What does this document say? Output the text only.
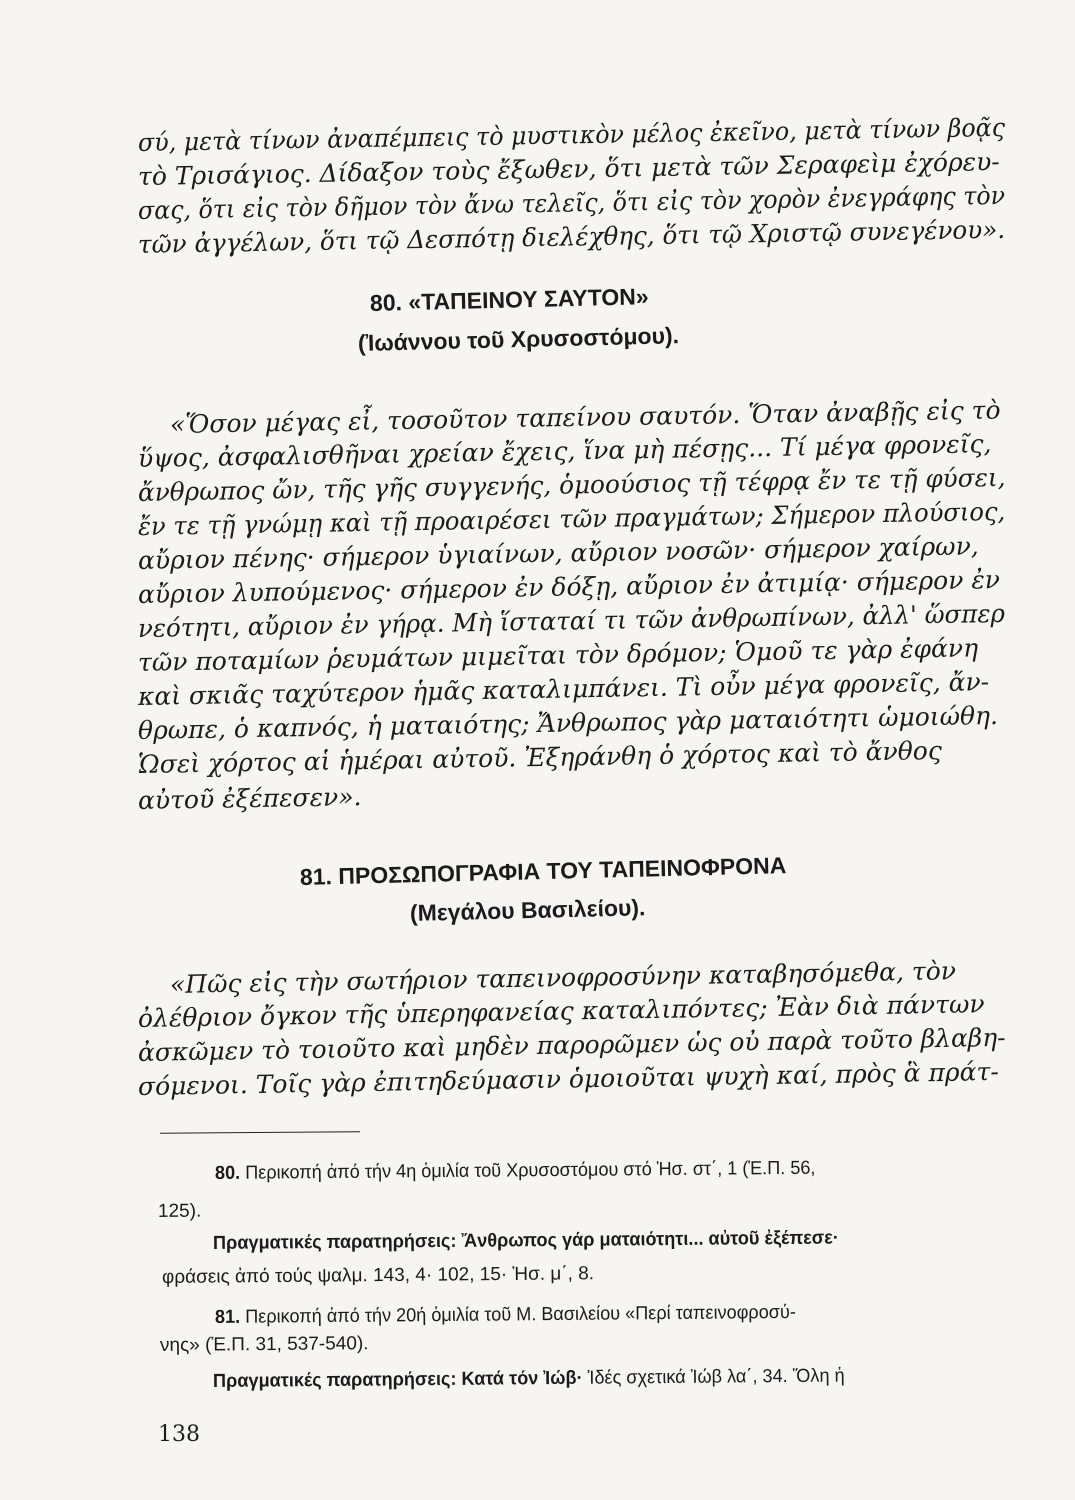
σύ, μετὰ τίνων ἀναπέμπεις τὸ μυστικὸν μέλος ἐκεῖνο, μετὰ τίνων βοᾷς
τὸ Τρισάγιος. Δίδαξον τοὺς ἔξωθεν, ὅτι μετὰ τῶν Σεραφεὶμ ἐχόρευ-
σας, ὅτι εἰς τὸν δῆμον τὸν ἄνω τελεῖς, ὅτι εἰς τὸν χορὸν ἐνεγράφης τὸν
τῶν ἀγγέλων, ὅτι τῷ Δεσπότῃ διελέχθης, ὅτι τῷ Χριστῷ συνεγένου».
80. «ΤΑΠΕΙΝΟΥ ΣΑΥΤΟΝ»
(Ἰωάννου τοῦ Χρυσοστόμου).
«Ὅσον μέγας εἶ, τοσοῦτον ταπείνου σαυτόν. Ὅταν ἀναβῇς εἰς τὸ
ὕψος, ἀσφαλισθῆναι χρείαν ἔχεις, ἵνα μὴ πέσῃς... Τί μέγα φρονεῖς,
ἄνθρωπος ὤν, τῆς γῆς συγγενής, ὁμοούσιος τῇ τέφρᾳ ἔν τε τῇ φύσει,
ἔν τε τῇ γνώμῃ καὶ τῇ προαιρέσει τῶν πραγμάτων; Σήμερον πλούσιος,
αὔριον πένης· σήμερον ὑγιαίνων, αὔριον νοσῶν· σήμερον χαίρων,
αὔριον λυπούμενος· σήμερον ἐν δόξῃ, αὔριον ἐν ἀτιμίᾳ· σήμερον ἐν
νεότητι, αὔριον ἐν γήρᾳ. Μὴ ἵσταταί τι τῶν ἀνθρωπίνων, ἀλλ' ὥσπερ
τῶν ποταμίων ῥευμάτων μιμεῖται τὸν δρόμον; Ὁμοῦ τε γὰρ ἐφάνη
καὶ σκιᾶς ταχύτερον ἡμᾶς καταλιμπάνει. Τὶ οὖν μέγα φρονεῖς, ἄν-
θρωπε, ὁ καπνός, ἡ ματαιότης; Ἄνθρωπος γὰρ ματαιότητι ὡμοιώθη.
Ὡσεὶ χόρτος αἱ ἡμέραι αὐτοῦ. Ἐξηράνθη ὁ χόρτος καὶ τὸ ἄνθος
αὐτοῦ ἐξέπεσεν».
81. ΠΡΟΣΩΠΟΓΡΑΦΙΑ ΤΟΥ ΤΑΠΕΙΝΟΦΡΟΝΑ
(Μεγάλου Βασιλείου).
«Πῶς εἰς τὴν σωτήριον ταπεινοφροσύνην καταβησόμεθα, τὸν
ὀλέθριον ὄγκον τῆς ὑπερηφανείας καταλιπόντες; Ἐὰν διὰ πάντων
ἀσκῶμεν τὸ τοιοῦτο καὶ μηδὲν παρορῶμεν ὡς οὐ παρὰ τοῦτο βλαβη-
σόμενοι. Τοῖς γὰρ ἐπιτηδεύμασιν ὁμοιοῦται ψυχὴ καί, πρὸς ἃ πράτ-
80. Περικοπή ἀπό τήν 4η ὁμιλία τοῦ Χρυσοστόμου στό Ἡσ. στ΄, 1 (Ἑ.Π. 56,
125).
Πραγματικές παρατηρήσεις: Ἄνθρωπος γάρ ματαιότητι... αὐτοῦ ἐξέπεσε·
φράσεις ἀπό τούς ψαλμ. 143, 4· 102, 15· Ἡσ. μ΄, 8.
81. Περικοπή ἀπό τήν 20ή ὁμιλία τοῦ Μ. Βασιλείου «Περί ταπεινοφροσύ-
νης» (Ἑ.Π. 31, 537-540).
Πραγματικές παρατηρήσεις: Κατά τόν Ἰώβ· Ἰδές σχετικά Ἰώβ λα΄, 34. Ὅλη ἡ
138
